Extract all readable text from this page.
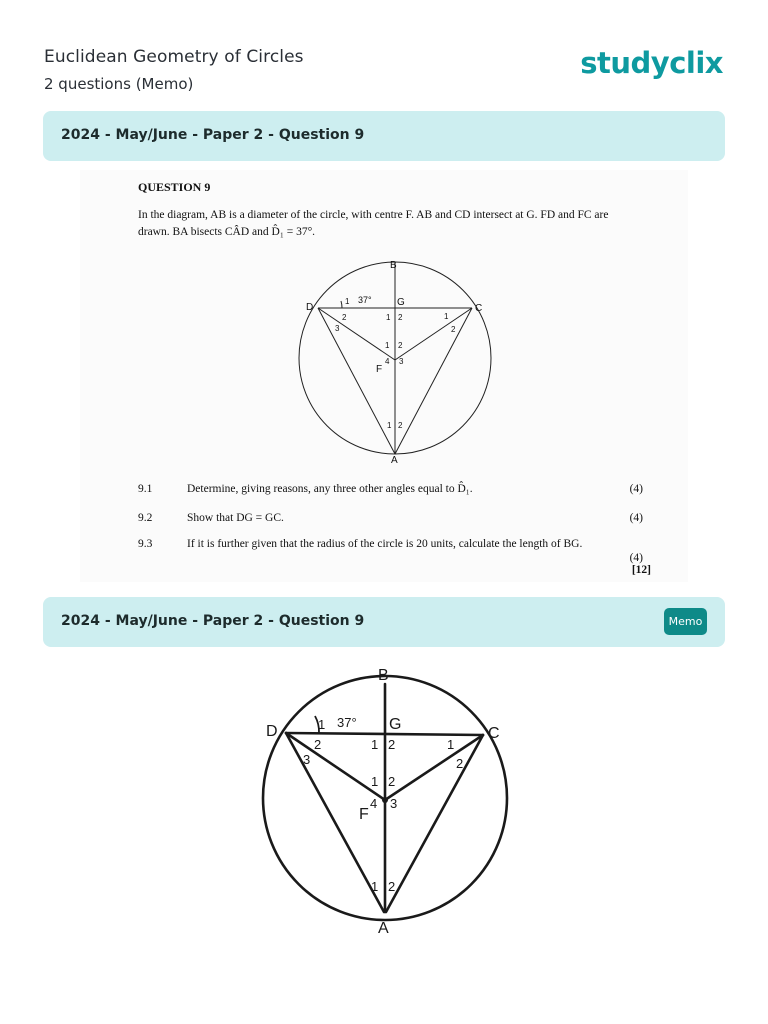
Euclidean Geometry of Circles
2 questions (Memo)
studyclix
2024 - May/June - Paper 2 - Question 9
QUESTION 9
In the diagram, AB is a diameter of the circle, with centre F. AB and CD intersect at G. FD and FC are drawn. BA bisects CÂD and D̂₁ = 37°.
B
D	G
C
F
A
37°
1
2
3
1 2	1
2
1 2
3
4
1 2
9.1	Determine, giving reasons, any three other angles equal to D̂₁.	(4)
9.2	Show that DG = GC.	(4)
9.3	If it is further given that the radius of the circle is 20 units, calculate the length of BG.
(4)
[12]
2024 - May/June - Paper 2 - Question 9	Memo
B
D	G
C
F
A
37°
1
2
3
1 2	1
2
1 2
3
4
1 2
